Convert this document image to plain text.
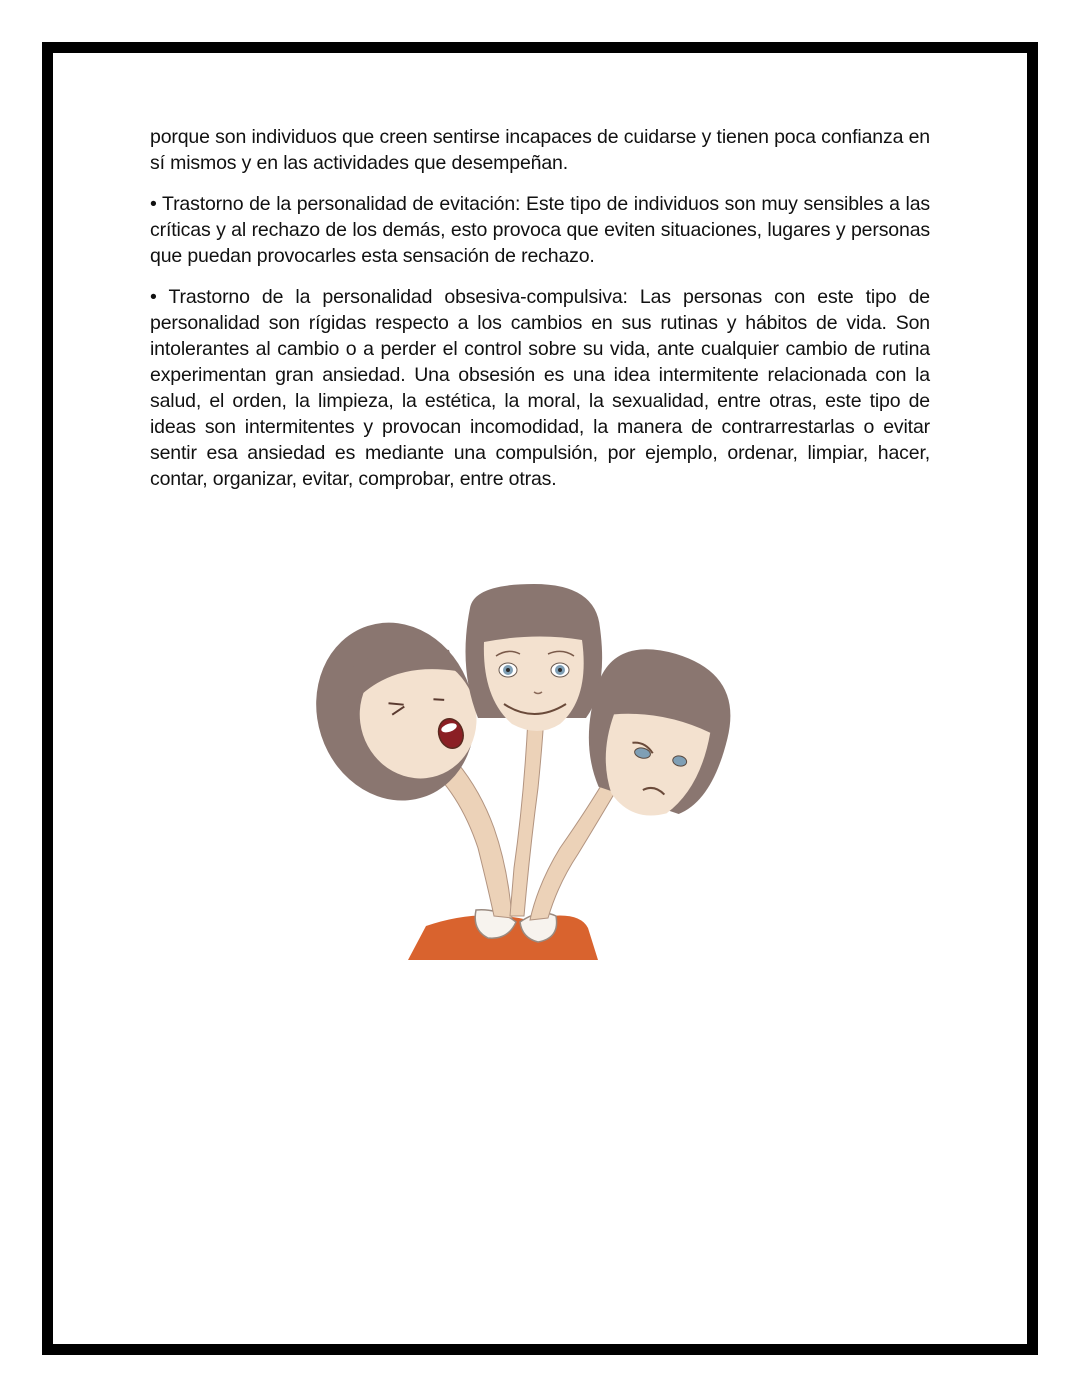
porque son individuos que creen sentirse incapaces de cuidarse y tienen poca confianza en sí mismos y en las actividades que desempeñan.

• Trastorno de la personalidad de evitación: Este tipo de individuos son muy sensibles a las críticas y al rechazo de los demás, esto provoca que eviten situaciones, lugares y personas que puedan provocarles esta sensación de rechazo.

• Trastorno de la personalidad obsesiva-compulsiva: Las personas con este tipo de personalidad son rígidas respecto a los cambios en sus rutinas y hábitos de vida. Son intolerantes al cambio o a perder el control sobre su vida, ante cualquier cambio de rutina experimentan gran ansiedad. Una obsesión es una idea intermitente relacionada con la salud, el orden, la limpieza, la estética, la moral, la sexualidad, entre otras, este tipo de ideas son intermitentes y provocan incomodidad, la manera de contrarrestarlas o evitar sentir esa ansiedad es mediante una compulsión, por ejemplo, ordenar, limpiar, hacer, contar, organizar, evitar, comprobar, entre otras.
